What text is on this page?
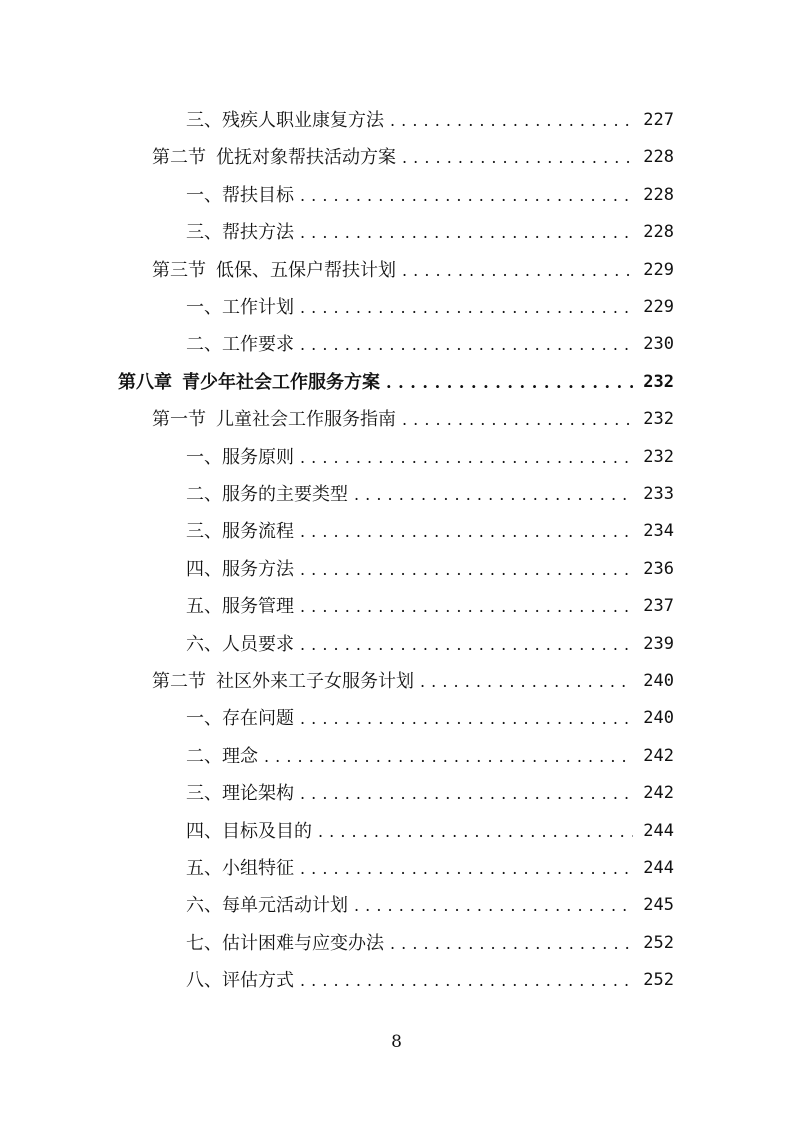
三、残疾人职业康复方法 . . .	227
第二节 优抚对象帮扶活动方案 . . .	228
一、帮扶目标 . . .	228
三、帮扶方法 . . .	228
第三节 低保、五保户帮扶计划 . . .	229
一、工作计划 . . .	229
二、工作要求 . . .	230
第八章 青少年社会工作服务方案 . . .	232
第一节 儿童社会工作服务指南 . . .	232
一、服务原则 . . .	232
二、服务的主要类型 . . .	233
三、服务流程 . . .	234
四、服务方法 . . .	236
五、服务管理 . . .	237
六、人员要求 . . .	239
第二节 社区外来工子女服务计划 . . .	240
一、存在问题 . . .	240
二、理念 . . .	242
三、理论架构 . . .	242
四、目标及目的 . . .	244
五、小组特征 . . .	244
六、每单元活动计划 . . .	245
七、估计困难与应变办法 . . .	252
八、评估方式 . . .	252
8
